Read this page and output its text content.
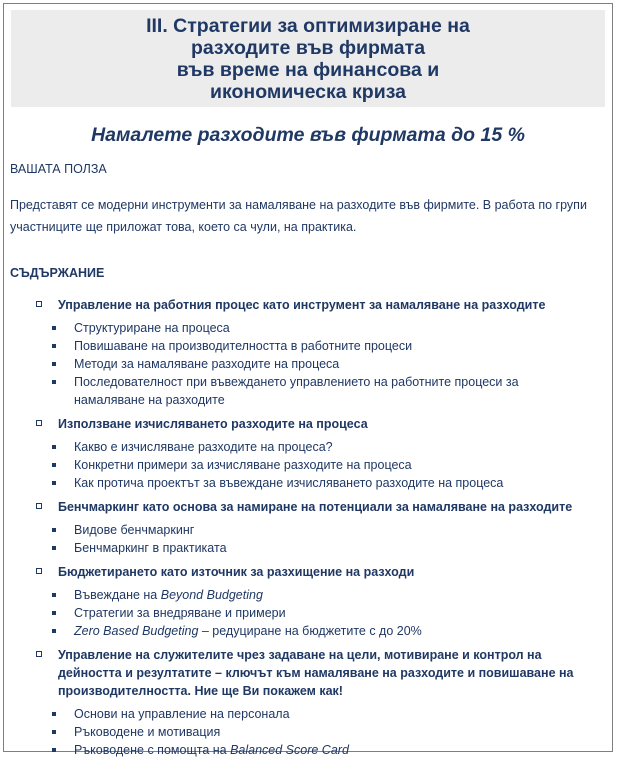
III. Стратегии за оптимизиране на
разходите във фирмата
във време на финансова и
икономическа криза
Намалете разходите във фирмата до 15 %
ВАШАТА ПОЛЗА
Представят се модерни инструменти за намаляване на разходите във фирмите. В работа по групи участниците ще приложат това, което са чули, на практика.
СЪДЪРЖАНИЕ
Управление на работния процес като инструмент за намаляване на разходите
Структуриране на процеса
Повишаване на производителността в работните процеси
Методи за намаляване разходите на процеса
Последователност при въвеждането управлението на работните процеси за намаляване на разходите
Използване изчисляването разходите на процеса
Какво е изчисляване разходите на процеса?
Конкретни примери за изчисляване разходите на процеса
Как протича проектът за въвеждане изчисляването разходите на процеса
Бенчмаркинг като основа за намиране на потенциали за намаляване на разходите
Видове бенчмаркинг
Бенчмаркинг в практиката
Бюджетирането като източник за разхищение на разходи
Въвеждане на Beyond Budgeting
Стратегии за внедряване и примери
Zero Based Budgeting – редуциране на бюджетите с до 20%
Управление на служителите чрез задаване на цели, мотивиране и контрол на дейността и резултатите – ключът към намаляване на разходите и повишаване на производителността. Ние ще Ви покажем как!
Основи на управление на персонала
Ръководене и мотивация
Ръководене с помощта на Balanced Score Card
